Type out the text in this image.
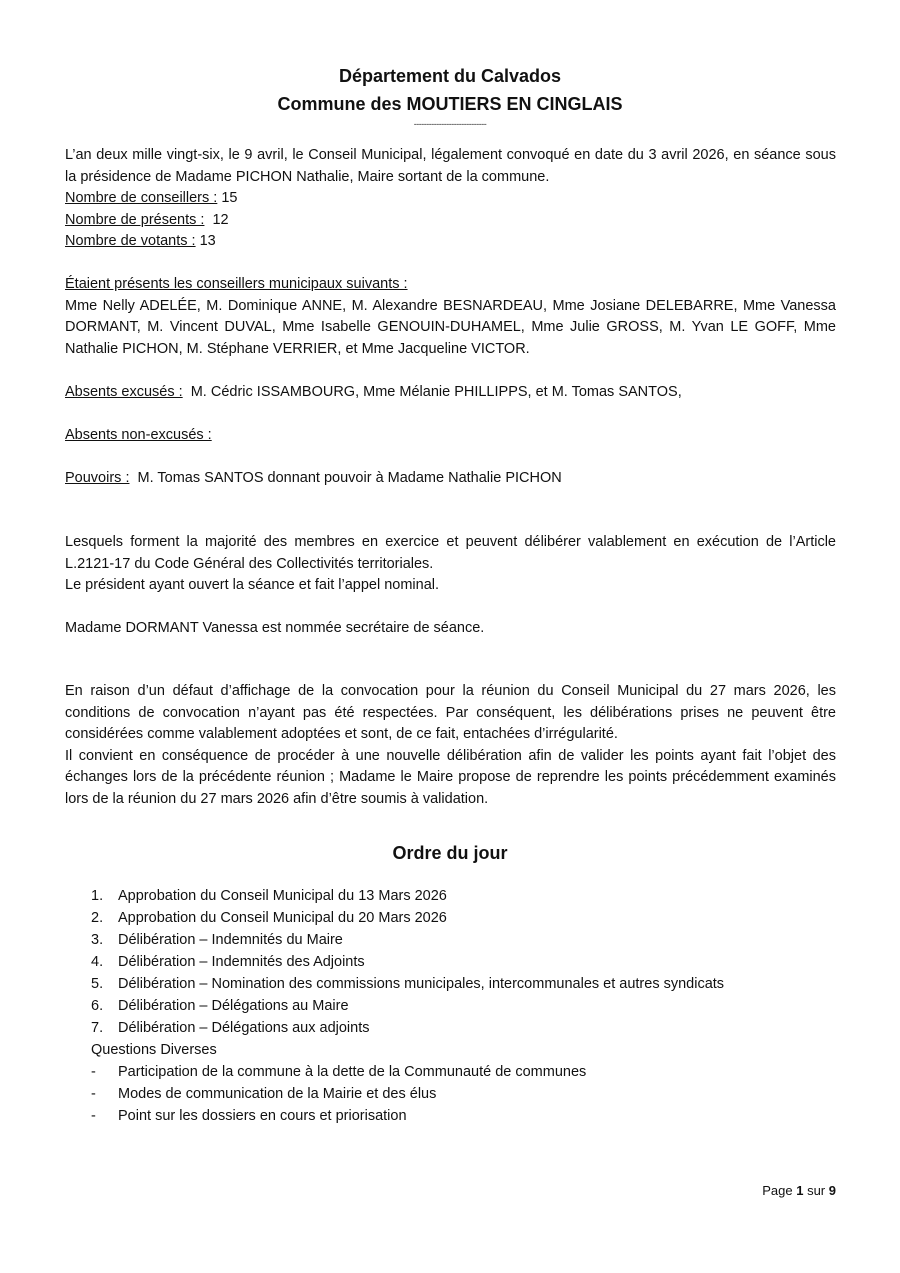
Département du Calvados
Commune des MOUTIERS EN CINGLAIS
-----------------------------
L’an deux mille vingt-six, le 9 avril, le Conseil Municipal, légalement convoqué en date du 3 avril 2026, en séance sous
la présidence de Madame PICHON Nathalie, Maire sortant de la commune.
Nombre de conseillers : 15
Nombre de présents :  12
Nombre de votants : 13
Étaient présents les conseillers municipaux suivants :
Mme Nelly ADELÉE, M. Dominique ANNE, M. Alexandre BESNARDEAU, Mme Josiane DELEBARRE, Mme Vanessa
DORMANT, M. Vincent DUVAL, Mme Isabelle GENOUIN-DUHAMEL, Mme Julie GROSS, M. Yvan LE GOFF, Mme
Nathalie PICHON, M. Stéphane VERRIER, et Mme Jacqueline VICTOR.
Absents excusés :  M. Cédric ISSAMBOURG, Mme Mélanie PHILLIPPS, et M. Tomas SANTOS,
Absents non-excusés :
Pouvoirs :  M. Tomas SANTOS donnant pouvoir à Madame Nathalie PICHON
Lesquels forment la majorité des membres en exercice et peuvent délibérer valablement en exécution de l’Article
L.2121-17 du Code Général des Collectivités territoriales.
Le président ayant ouvert la séance et fait l’appel nominal.
Madame DORMANT Vanessa est nommée secrétaire de séance.
En raison d’un défaut d’affichage de la convocation pour la réunion du Conseil Municipal du 27 mars 2026, les
conditions de convocation n’ayant pas été respectées. Par conséquent, les délibérations prises ne peuvent être
considérées comme valablement adoptées et sont, de ce fait, entachées d’irrégularité.
Il convient en conséquence de procéder à une nouvelle délibération afin de valider les points ayant fait l’objet des
échanges lors de la précédente réunion ; Madame le Maire propose de reprendre les points précédemment examinés
lors de la réunion du 27 mars 2026 afin d’être soumis à validation.
Ordre du jour
1. Approbation du Conseil Municipal du 13 Mars 2026
2. Approbation du Conseil Municipal du 20 Mars 2026
3. Délibération – Indemnités du Maire
4. Délibération – Indemnités des Adjoints
5. Délibération – Nomination des commissions municipales, intercommunales et autres syndicats
6. Délibération – Délégations au Maire
7. Délibération – Délégations aux adjoints
Questions Diverses
- Participation de la commune à la dette de la Communauté de communes
- Modes de communication de la Mairie et des élus
- Point sur les dossiers en cours et priorisation
Page 1 sur 9
